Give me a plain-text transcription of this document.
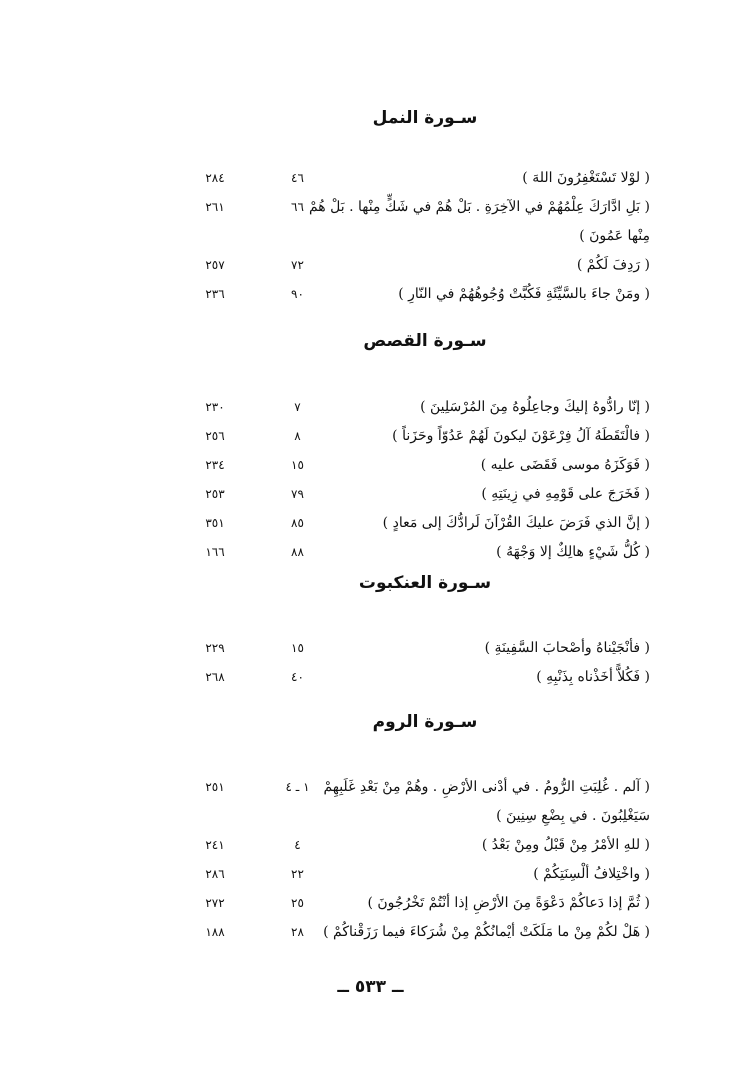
سـورة النمل
( لوْلا تَسْتَغْفِرُونَ اللهَ )
٤٦
٢٨٤
( بَلِ ادَّارَكَ عِلْمُهُمْ في الآخِرَةِ . بَلْ هُمْ في شَكٍّ مِنْها . بَلْ هُمْ مِنْها عَمُونَ )
٦٦
٢٦١
( رَدِفَ لَكُمْ )
٧٢
٢٥٧
( ومَنْ جاءَ بالسَّيِّئَةِ فَكُبَّتْ وُجُوهُهُمْ في النّارِ )
٩٠
٢٣٦
سـورة القصص
( إنّا رادُّوهُ إليكَ وجاعِلُوهُ مِنَ المُرْسَلِينَ )
٧
٢٣٠
( فالْتَقَطَهُ آلُ فِرْعَوْنَ ليكونَ لَهُمْ عَدُوّاً وحَزَناً )
٨
٢٥٦
( فَوَكَزَهُ موسى فَقَضَى عليه )
١٥
٢٣٤
( فَخَرَجَ على قَوْمِهِ في زِينَتِهِ )
٧٩
٢٥٣
( إنَّ الذي فَرَضَ عليكَ القُرْآنَ لَرادُّكَ إلى مَعادٍ )
٨٥
٣٥١
( كُلُّ شَيْءٍ هالِكٌ إلا وَجْهَهُ )
٨٨
١٦٦
سـورة العنكبوت
( فأنْجَيْناهُ وأصْحابَ السَّفِينَةِ )
١٥
٢٢٩
( فَكُلاًّ أخَذْناه بِذَنْبِهِ )
٤٠
٢٦٨
سـورة الروم
( آلم . غُلِبَتِ الرُّومُ . في أدْنى الأرْضِ . وهُمْ مِنْ بَعْدِ غَلَبِهِمْ سَيَغْلِبُونَ . في بِضْعِ سِنِينَ )
١ ـ ٤
٢٥١
( للهِ الأمْرُ مِنْ قَبْلُ ومِنْ بَعْدُ )
٤
٢٤١
( واخْتِلافُ ألْسِنَتِكُمْ )
٢٢
٢٨٦
( ثُمَّ إذا دَعاكُمْ دَعْوَةً مِنَ الأرْضِ إذا أنْتُمْ تَخْرُجُونَ )
٢٥
٢٧٢
( هَلْ لكُمْ مِنْ ما مَلَكَتْ أيْمانُكُمْ مِنْ شُرَكاءَ فيما رَزَقْناكُمْ )
٢٨
١٨٨
ــ ٥٣٣ ــ
